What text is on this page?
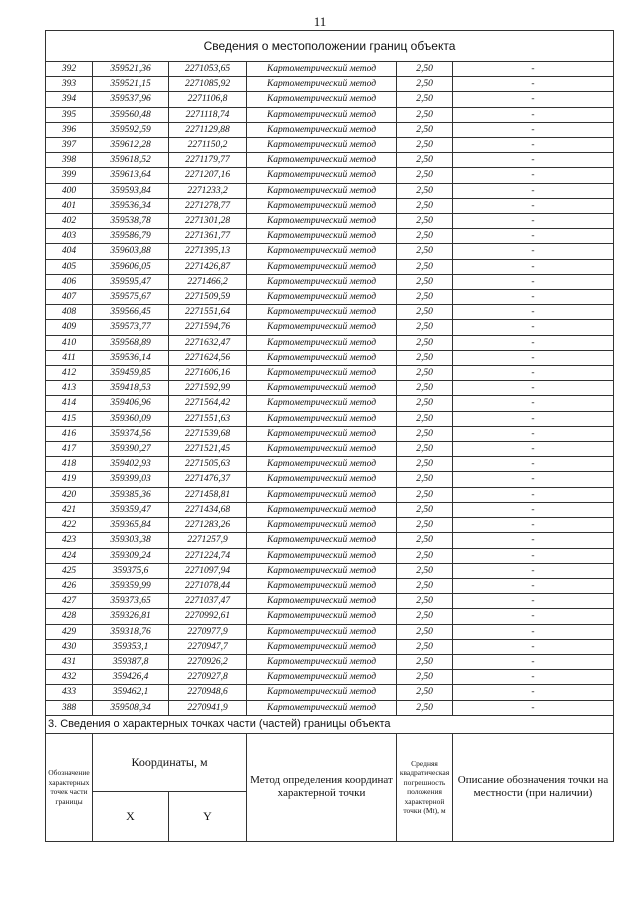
11
Сведения о местоположении границ объекта					
392	359521,36	2271053,65	Картометрический метод	2,50	-
393	359521,15	2271085,92	Картометрический метод	2,50	-
394	359537,96	2271106,8	Картометрический метод	2,50	-
395	359560,48	2271118,74	Картометрический метод	2,50	-
396	359592,59	2271129,88	Картометрический метод	2,50	-
397	359612,28	2271150,2	Картометрический метод	2,50	-
398	359618,52	2271179,77	Картометрический метод	2,50	-
399	359613,64	2271207,16	Картометрический метод	2,50	-
400	359593,84	2271233,2	Картометрический метод	2,50	-
401	359536,34	2271278,77	Картометрический метод	2,50	-
402	359538,78	2271301,28	Картометрический метод	2,50	-
403	359586,79	2271361,77	Картометрический метод	2,50	-
404	359603,88	2271395,13	Картометрический метод	2,50	-
405	359606,05	2271426,87	Картометрический метод	2,50	-
406	359595,47	2271466,2	Картометрический метод	2,50	-
407	359575,67	2271509,59	Картометрический метод	2,50	-
408	359566,45	2271551,64	Картометрический метод	2,50	-
409	359573,77	2271594,76	Картометрический метод	2,50	-
410	359568,89	2271632,47	Картометрический метод	2,50	-
411	359536,14	2271624,56	Картометрический метод	2,50	-
412	359459,85	2271606,16	Картометрический метод	2,50	-
413	359418,53	2271592,99	Картометрический метод	2,50	-
414	359406,96	2271564,42	Картометрический метод	2,50	-
415	359360,09	2271551,63	Картометрический метод	2,50	-
416	359374,56	2271539,68	Картометрический метод	2,50	-
417	359390,27	2271521,45	Картометрический метод	2,50	-
418	359402,93	2271505,63	Картометрический метод	2,50	-
419	359399,03	2271476,37	Картометрический метод	2,50	-
420	359385,36	2271458,81	Картометрический метод	2,50	-
421	359359,47	2271434,68	Картометрический метод	2,50	-
422	359365,84	2271283,26	Картометрический метод	2,50	-
423	359303,38	2271257,9	Картометрический метод	2,50	-
424	359309,24	2271224,74	Картометрический метод	2,50	-
425	359375,6	2271097,94	Картометрический метод	2,50	-
426	359359,99	2271078,44	Картометрический метод	2,50	-
427	359373,65	2271037,47	Картометрический метод	2,50	-
428	359326,81	2270992,61	Картометрический метод	2,50	-
429	359318,76	2270977,9	Картометрический метод	2,50	-
430	359353,1	2270947,7	Картометрический метод	2,50	-
431	359387,8	2270926,2	Картометрический метод	2,50	-
432	359426,4	2270927,8	Картометрический метод	2,50	-
433	359462,1	2270948,6	Картометрический метод	2,50	-
388	359508,34	2270941,9	Картометрический метод	2,50	-
3. Сведения о характерных точках части (частей) границы объекта					
Обозначение характерных точек части границы	Координаты, м		Метод определения координат характерной точки	Средняя квадратическая погрешность положения характерной точки (Мt), м	Описание обозначения точки на местности (при наличии)
	X	Y			
